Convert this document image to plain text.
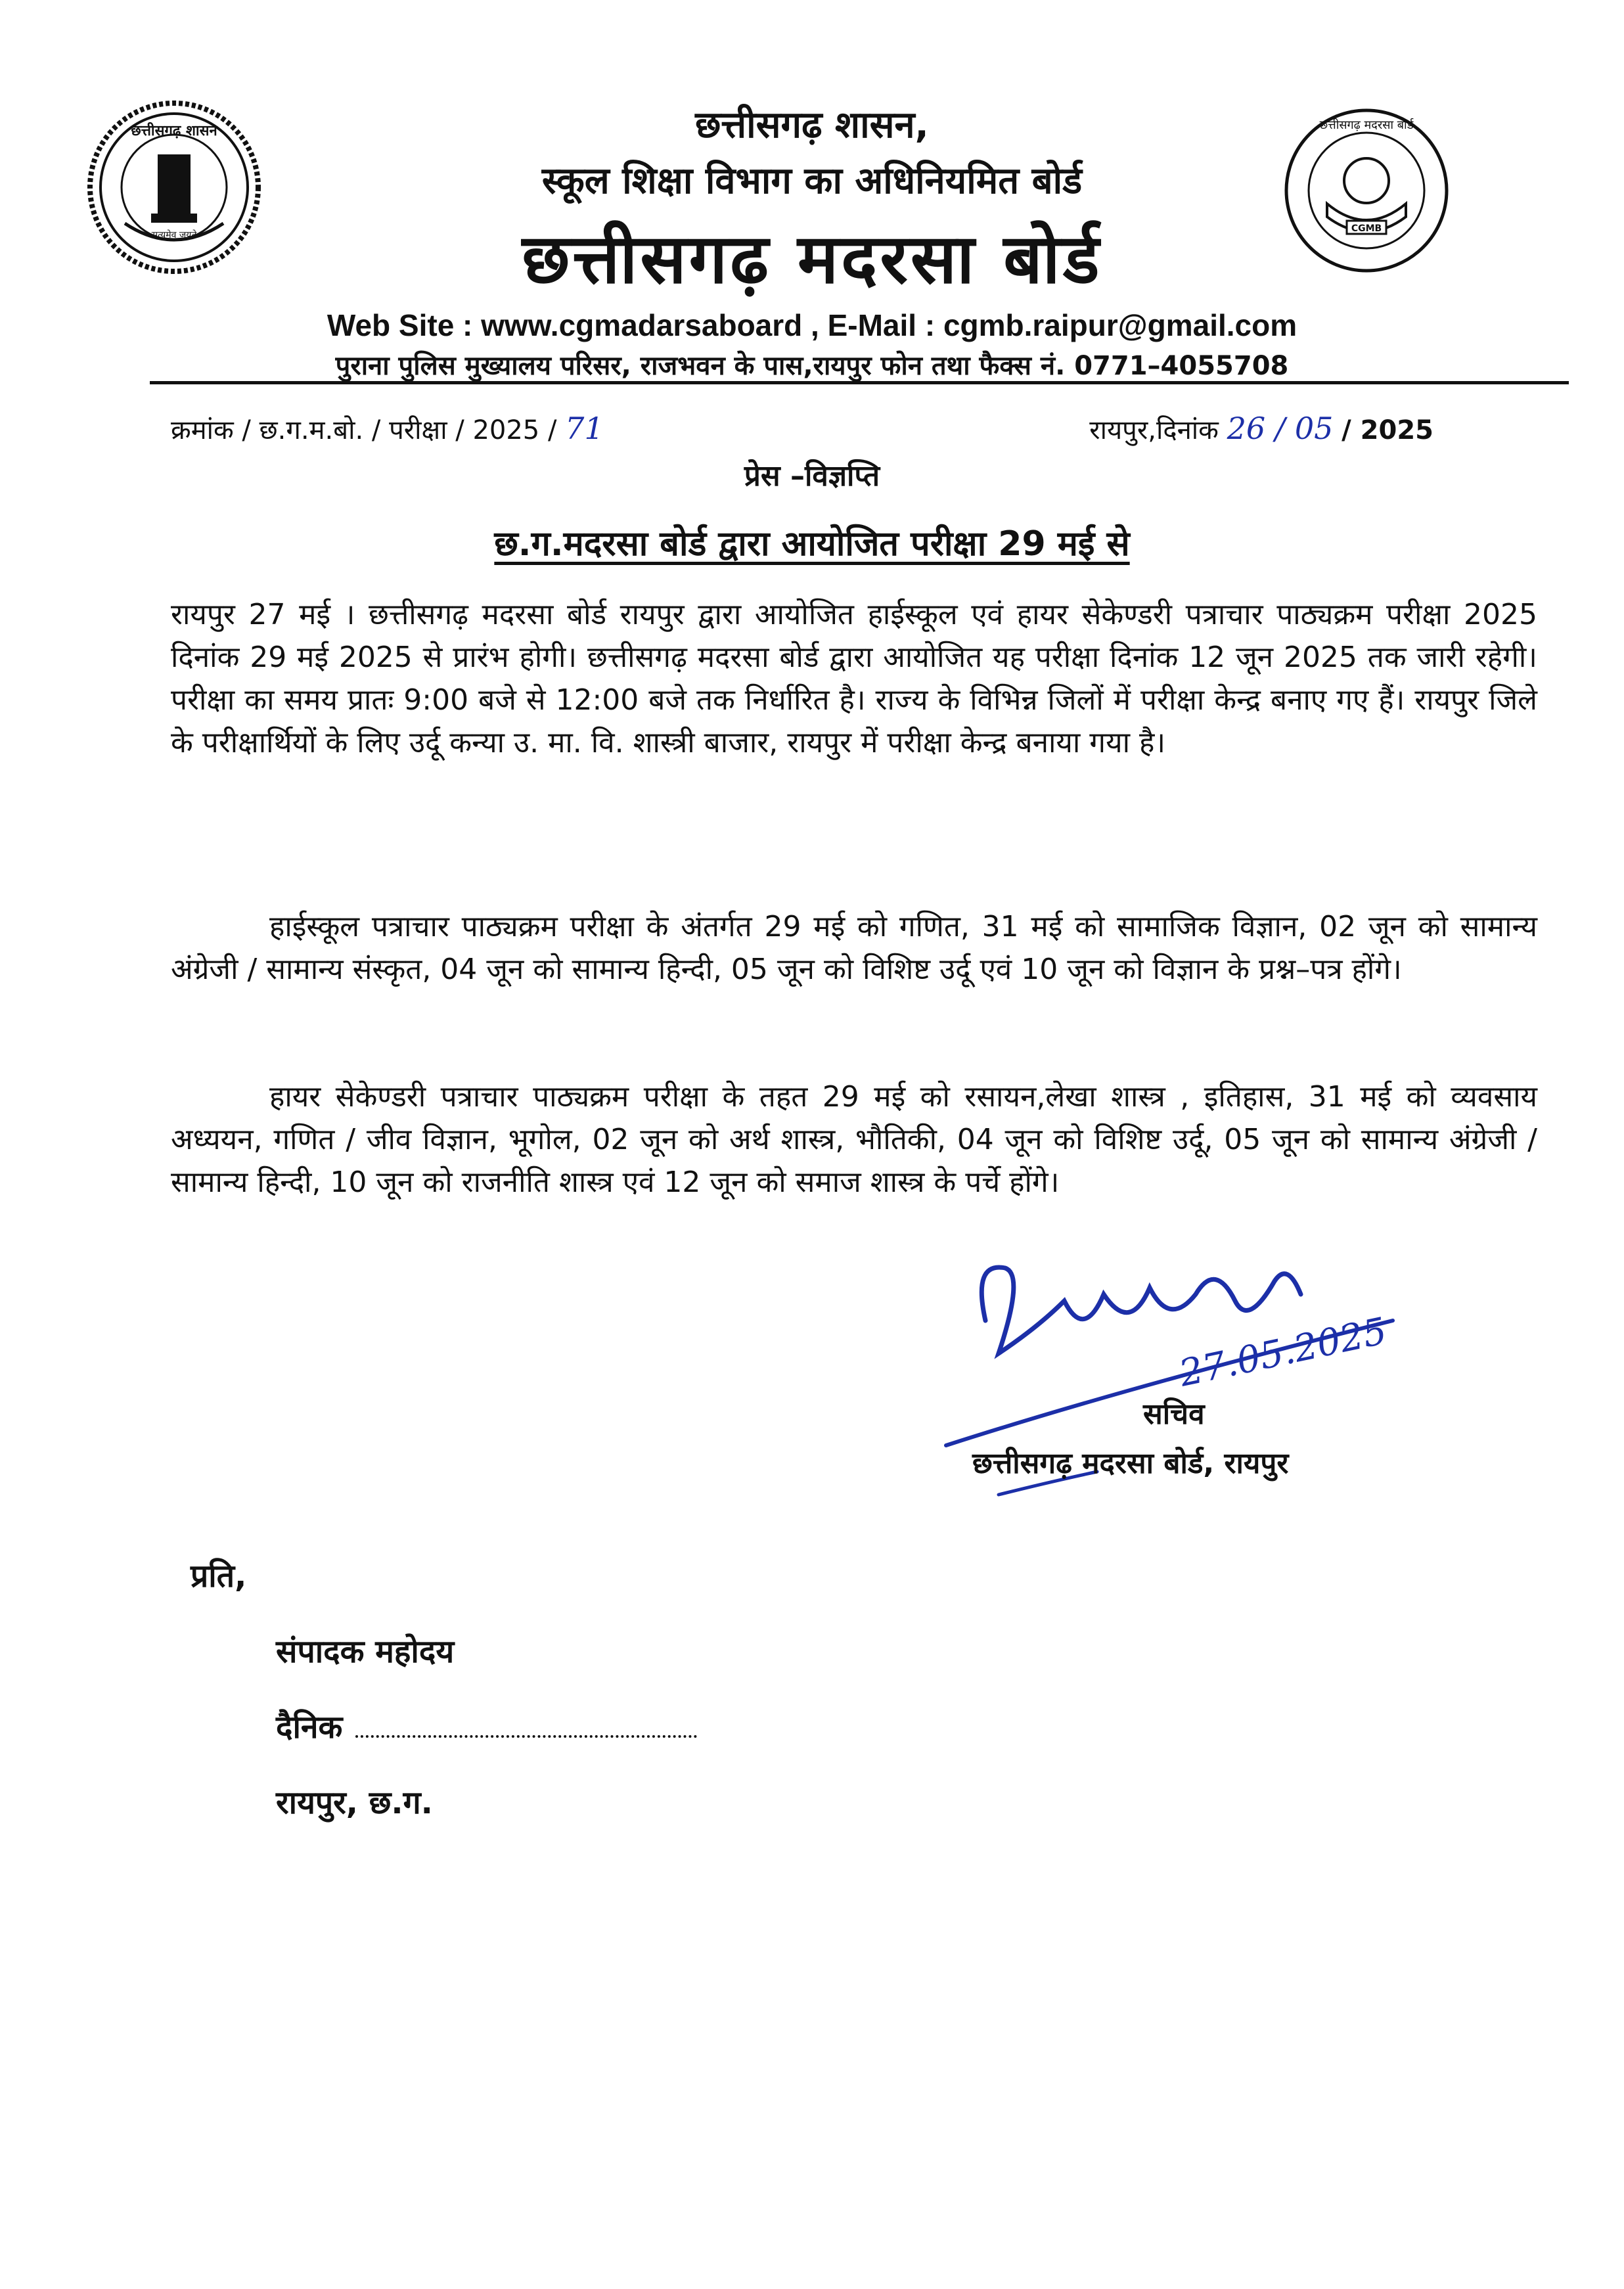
छत्तीसगढ़ शासन
सत्यमेव जयते
CGMB
छत्तीसगढ़ मदरसा बोर्ड
छत्तीसगढ़ शासन,
स्कूल शिक्षा विभाग का अधिनियमित बोर्ड
छत्तीसगढ़ मदरसा बोर्ड
Web Site : www.cgmadarsaboard , E-Mail : cgmb.raipur@gmail.com
पुराना पुलिस मुख्यालय परिसर, राजभवन के पास,रायपुर फोन तथा फैक्स नं. 0771–4055708
क्रमांक / छ.ग.म.बो. / परीक्षा / 2025 / 71	रायपुर,दिनांक 26 / 05 / 2025
प्रेस –विज्ञप्ति
छ.ग.मदरसा बोर्ड द्वारा आयोजित परीक्षा 29 मई से
रायपुर 27 मई । छत्तीसगढ़ मदरसा बोर्ड रायपुर द्वारा आयोजित हाईस्कूल एवं हायर सेकेण्डरी पत्राचार पाठ्यक्रम परीक्षा 2025 दिनांक 29 मई 2025 से प्रारंभ होगी। छत्तीसगढ़ मदरसा बोर्ड द्वारा आयोजित यह परीक्षा दिनांक 12 जून 2025 तक जारी रहेगी। परीक्षा का समय प्रातः 9:00 बजे से 12:00 बजे तक निर्धारित है। राज्य के विभिन्न जिलों में परीक्षा केन्द्र बनाए गए हैं। रायपुर जिले के परीक्षार्थियों के लिए उर्दू कन्या उ. मा. वि. शास्त्री बाजार, रायपुर में परीक्षा केन्द्र बनाया गया है।
हाईस्कूल पत्राचार पाठ्यक्रम परीक्षा के अंतर्गत 29 मई को गणित, 31 मई को सामाजिक विज्ञान, 02 जून को सामान्य अंग्रेजी / सामान्य संस्कृत, 04 जून को सामान्य हिन्दी, 05 जून को विशिष्ट उर्दू एवं 10 जून को विज्ञान के प्रश्न–पत्र होंगे।
हायर सेकेण्डरी पत्राचार पाठ्यक्रम परीक्षा के तहत 29 मई को रसायन,लेखा शास्त्र , इतिहास, 31 मई को व्यवसाय अध्ययन, गणित / जीव विज्ञान, भूगोल, 02 जून को अर्थ शास्त्र, भौतिकी, 04 जून को विशिष्ट उर्दू, 05 जून को सामान्य अंग्रेजी / सामान्य हिन्दी, 10 जून को राजनीति शास्त्र एवं 12 जून को समाज शास्त्र के पर्चे होंगे।
27.05.2025
सचिव
छत्तीसगढ़ मदरसा बोर्ड, रायपुर
प्रति,
संपादक महोदय
दैनिक
रायपुर, छ.ग.
